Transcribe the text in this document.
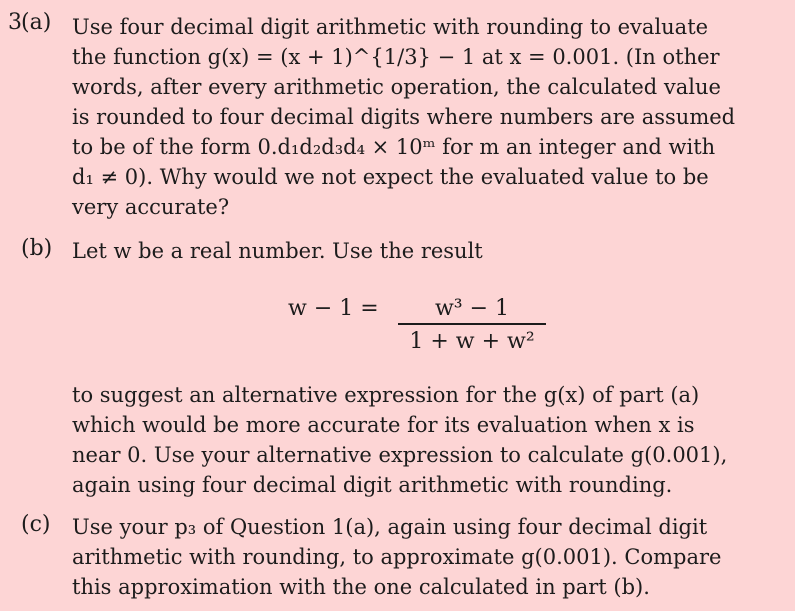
3 (a) Use four decimal digit arithmetic with rounding to evaluate
the function g(x) = (x + 1)^{1/3} − 1 at x = 0.001. (In other
words, after every arithmetic operation, the calculated value
is rounded to four decimal digits where numbers are assumed
to be of the form 0.d₁d₂d₃d₄ × 10ᵐ for m an integer and with
d₁ ≠ 0). Why would we not expect the evaluated value to be
very accurate?
(b) Let w be a real number. Use the result
$w - 1 = \frac{\text{w³ − 1}}{\text{1 + w + w²}}$
to suggest an alternative expression for the g(x) of part (a)
which would be more accurate for its evaluation when x is
near 0. Use your alternative expression to calculate g(0.001),
again using four decimal digit arithmetic with rounding.
(c) Use your p₃ of Question 1(a), again using four decimal digit
arithmetic with rounding, to approximate g(0.001). Compare
this approximation with the one calculated in part (b).
